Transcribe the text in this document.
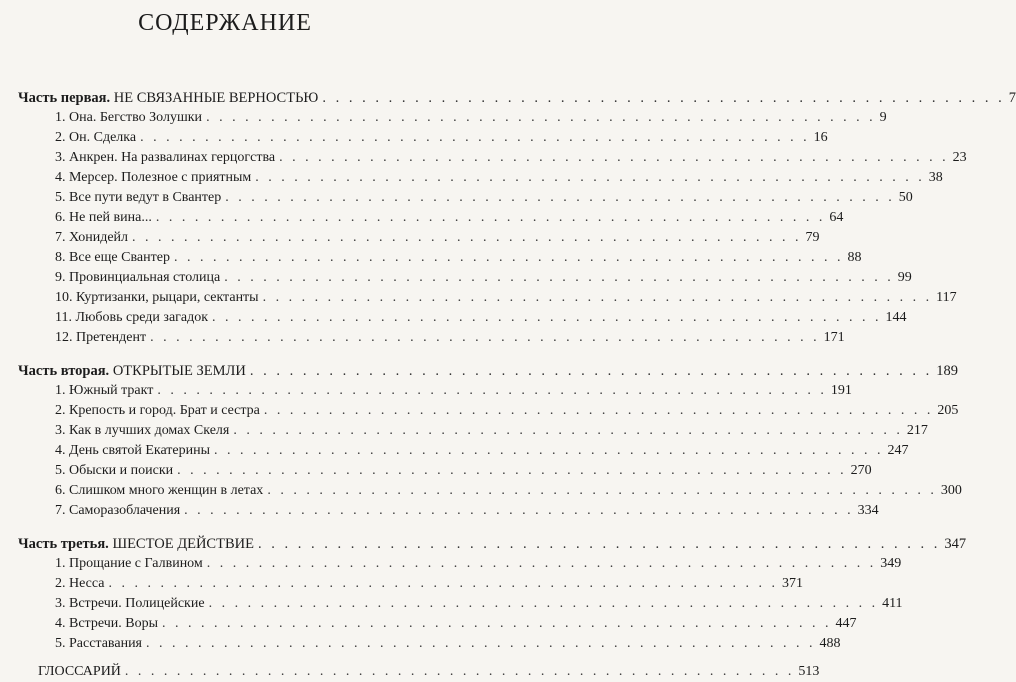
СОДЕРЖАНИЕ
Часть первая. НЕ СВЯЗАННЫЕ ВЕРНОСТЬЮ . . . . . . . . . . . . . . . . . . . . . . . . . . . . . . . . . . . . . . . . . . . . . . . . . . . . 7
1. Она. Бегство Золушки . . . . . . . . . . . . . . . . . . . . . . . . . . . . . . . . . . . . . . . . . . . . . . . . . . . . 9
2. Он. Сделка . . . . . . . . . . . . . . . . . . . . . . . . . . . . . . . . . . . . . . . . . . . . . . . . . . . . 16
3. Анкрен. На развалинах герцогства . . . . . . . . . . . . . . . . . . . . . . . . . . . . . . . . . . . . . . . . . . . . . . . . . . . . 23
4. Мерсер. Полезное с приятным . . . . . . . . . . . . . . . . . . . . . . . . . . . . . . . . . . . . . . . . . . . . . . . . . . . . 38
5. Все пути ведут в Свантер . . . . . . . . . . . . . . . . . . . . . . . . . . . . . . . . . . . . . . . . . . . . . . . . . . . . 50
6. Не пей вина... . . . . . . . . . . . . . . . . . . . . . . . . . . . . . . . . . . . . . . . . . . . . . . . . . . . . 64
7. Хонидейл . . . . . . . . . . . . . . . . . . . . . . . . . . . . . . . . . . . . . . . . . . . . . . . . . . . . 79
8. Все еще Свантер . . . . . . . . . . . . . . . . . . . . . . . . . . . . . . . . . . . . . . . . . . . . . . . . . . . . 88
9. Провинциальная столица . . . . . . . . . . . . . . . . . . . . . . . . . . . . . . . . . . . . . . . . . . . . . . . . . . . . 99
10. Куртизанки, рыцари, сектанты . . . . . . . . . . . . . . . . . . . . . . . . . . . . . . . . . . . . . . . . . . . . . . . . . . . . 117
11. Любовь среди загадок . . . . . . . . . . . . . . . . . . . . . . . . . . . . . . . . . . . . . . . . . . . . . . . . . . . . 144
12. Претендент . . . . . . . . . . . . . . . . . . . . . . . . . . . . . . . . . . . . . . . . . . . . . . . . . . . . 171
Часть вторая. ОТКРЫТЫЕ ЗЕМЛИ . . . . . . . . . . . . . . . . . . . . . . . . . . . . . . . . . . . . . . . . . . . . . . . . . . . . 189
1. Южный тракт . . . . . . . . . . . . . . . . . . . . . . . . . . . . . . . . . . . . . . . . . . . . . . . . . . . . 191
2. Крепость и город. Брат и сестра . . . . . . . . . . . . . . . . . . . . . . . . . . . . . . . . . . . . . . . . . . . . . . . . . . . . 205
3. Как в лучших домах Скеля . . . . . . . . . . . . . . . . . . . . . . . . . . . . . . . . . . . . . . . . . . . . . . . . . . . . 217
4. День святой Екатерины . . . . . . . . . . . . . . . . . . . . . . . . . . . . . . . . . . . . . . . . . . . . . . . . . . . . 247
5. Обыски и поиски . . . . . . . . . . . . . . . . . . . . . . . . . . . . . . . . . . . . . . . . . . . . . . . . . . . . 270
6. Слишком много женщин в летах . . . . . . . . . . . . . . . . . . . . . . . . . . . . . . . . . . . . . . . . . . . . . . . . . . . . 300
7. Саморазоблачения . . . . . . . . . . . . . . . . . . . . . . . . . . . . . . . . . . . . . . . . . . . . . . . . . . . . 334
Часть третья. ШЕСТОЕ ДЕЙСТВИЕ . . . . . . . . . . . . . . . . . . . . . . . . . . . . . . . . . . . . . . . . . . . . . . . . . . . . 347
1. Прощание с Галвином . . . . . . . . . . . . . . . . . . . . . . . . . . . . . . . . . . . . . . . . . . . . . . . . . . . . 349
2. Несса . . . . . . . . . . . . . . . . . . . . . . . . . . . . . . . . . . . . . . . . . . . . . . . . . . . . 371
3. Встречи. Полицейские . . . . . . . . . . . . . . . . . . . . . . . . . . . . . . . . . . . . . . . . . . . . . . . . . . . . 411
4. Встречи. Воры . . . . . . . . . . . . . . . . . . . . . . . . . . . . . . . . . . . . . . . . . . . . . . . . . . . . 447
5. Расставания . . . . . . . . . . . . . . . . . . . . . . . . . . . . . . . . . . . . . . . . . . . . . . . . . . . . 488
ГЛОССАРИЙ . . . . . . . . . . . . . . . . . . . . . . . . . . . . . . . . . . . . . . . . . . . . . . . . . . . . 513
